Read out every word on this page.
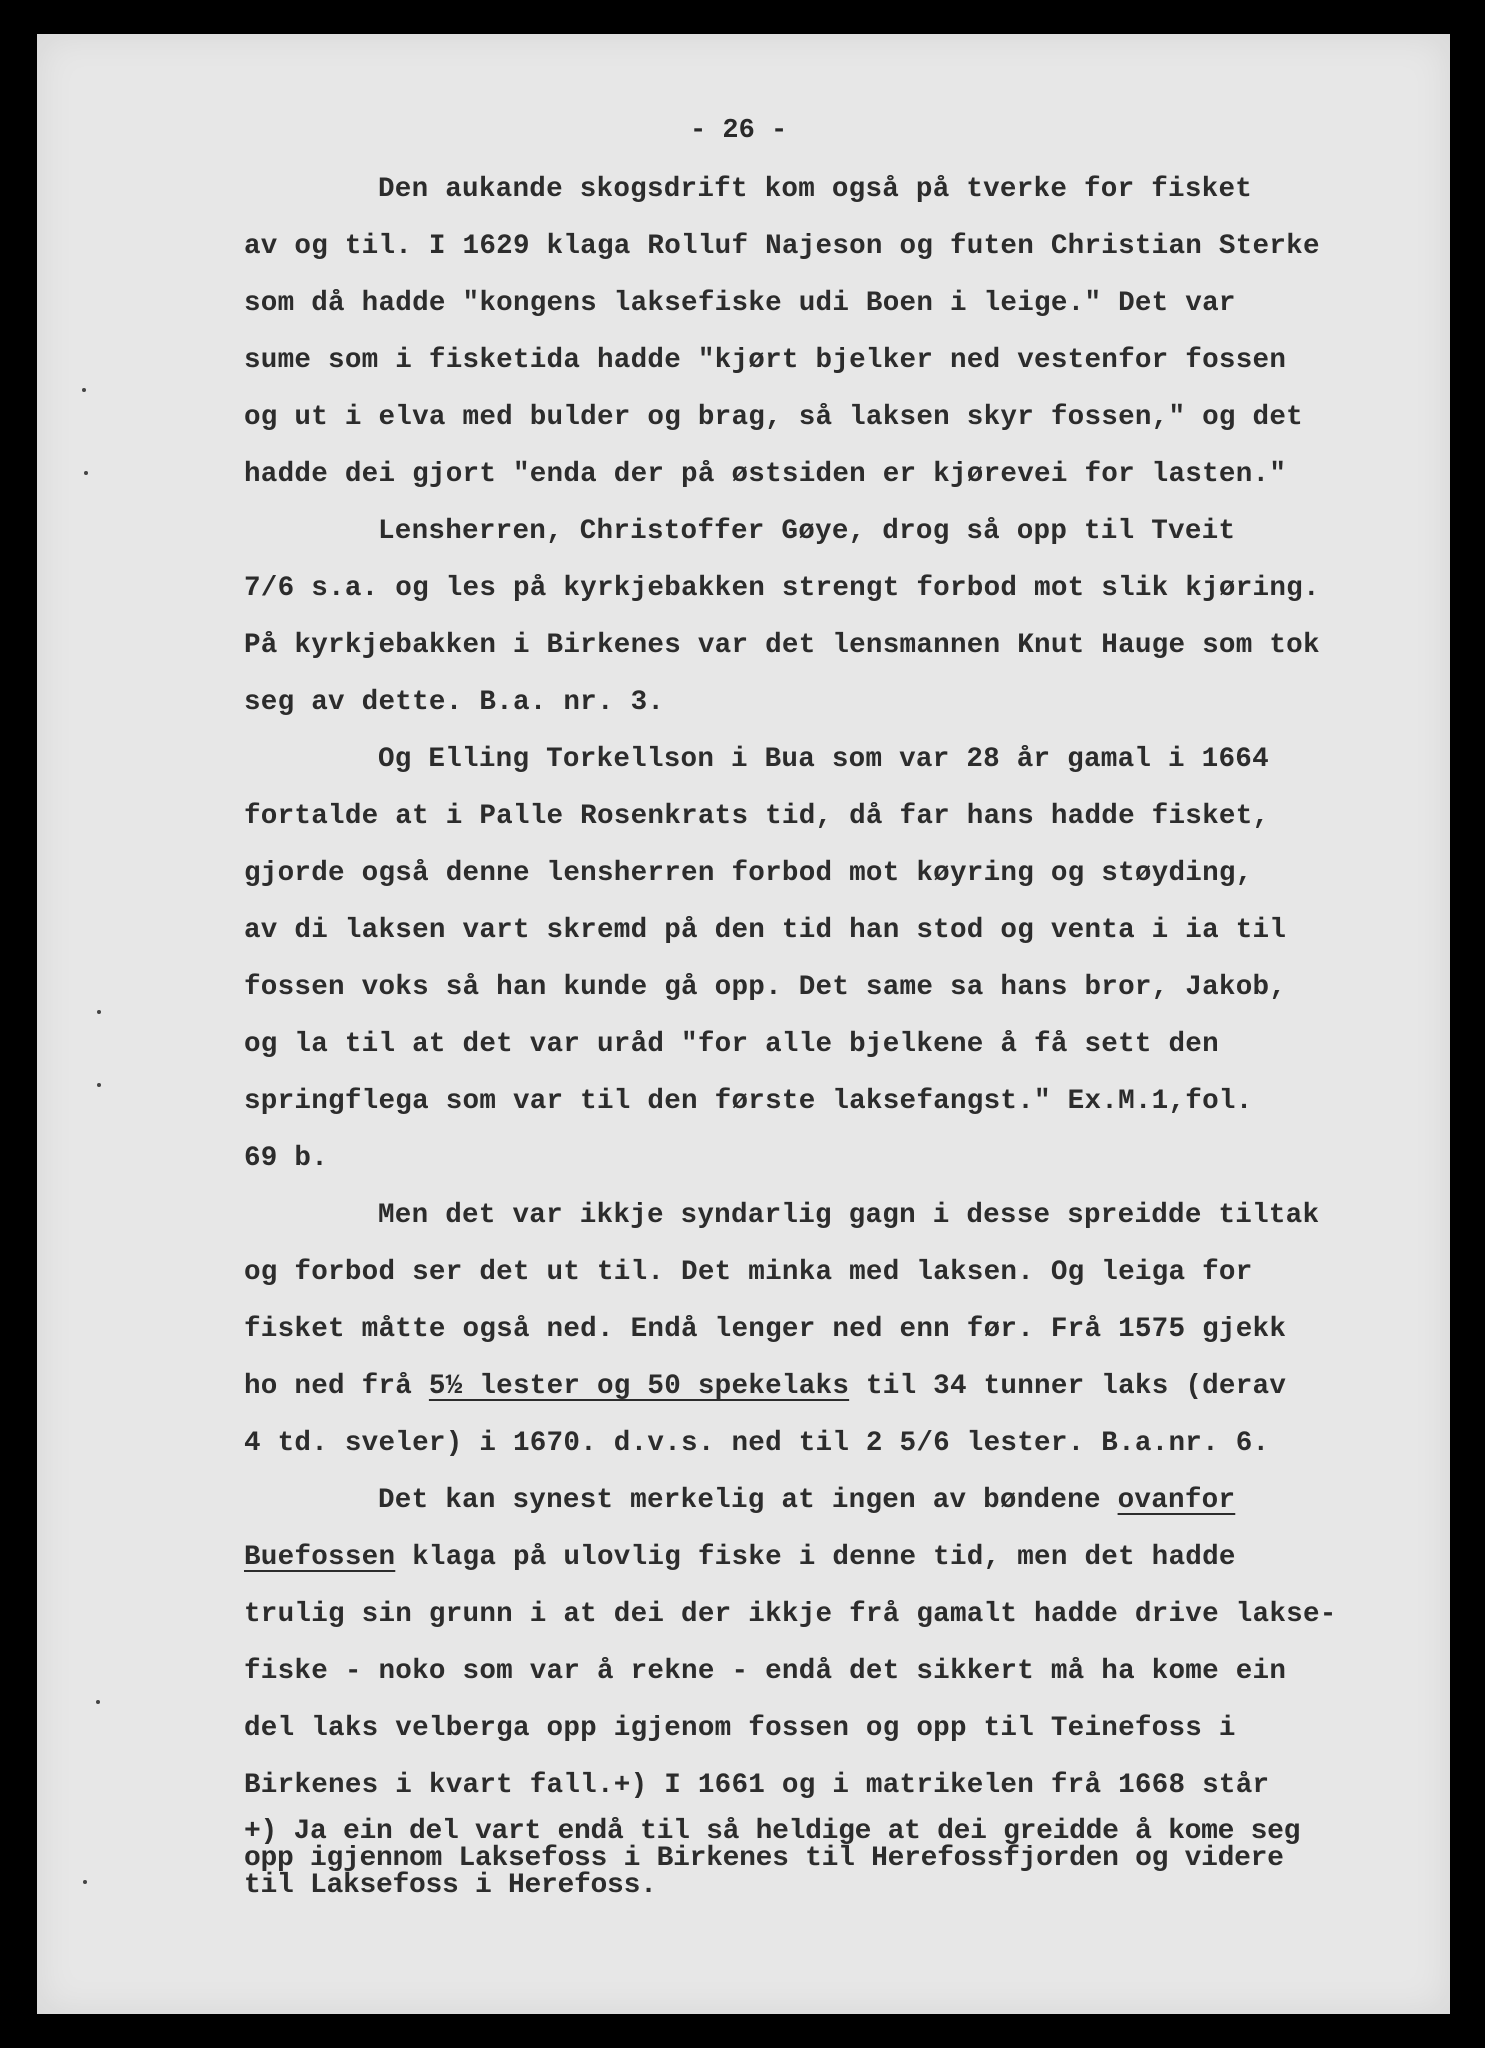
- 26 -
Den aukande skogsdrift kom også på tverke for fisket
av og til. I 1629 klaga Rolluf Najeson og futen Christian Sterke
som då hadde "kongens laksefiske udi Boen i leige." Det var
sume som i fisketida hadde "kjørt bjelker ned vestenfor fossen
og ut i elva med bulder og brag, så laksen skyr fossen," og det
hadde dei gjort "enda der på østsiden er kjørevei for lasten."
Lensherren, Christoffer Gøye, drog så opp til Tveit
7/6 s.a. og les på kyrkjebakken strengt forbod mot slik kjøring.
På kyrkjebakken i Birkenes var det lensmannen Knut Hauge som tok
seg av dette. B.a. nr. 3.
Og Elling Torkellson i Bua som var 28 år gamal i 1664
fortalde at i Palle Rosenkrats tid, då far hans hadde fisket,
gjorde også denne lensherren forbod mot køyring og støyding,
av di laksen vart skremd på den tid han stod og venta i ia til
fossen voks så han kunde gå opp. Det same sa hans bror, Jakob,
og la til at det var uråd "for alle bjelkene å få sett den
springflega som var til den første laksefangst." Ex.M.1,fol.
69 b.
Men det var ikkje syndarlig gagn i desse spreidde tiltak
og forbod ser det ut til. Det minka med laksen. Og leiga for
fisket måtte også ned. Endå lenger ned enn før. Frå 1575 gjekk
ho ned frå 5½ lester og 50 spekelaks til 34 tunner laks (derav
4 td. sveler) i 1670. d.v.s. ned til 2 5/6 lester. B.a.nr. 6.
Det kan synest merkelig at ingen av bøndene ovanfor
Buefossen klaga på ulovlig fiske i denne tid, men det hadde
trulig sin grunn i at dei der ikkje frå gamalt hadde drive lakse-
fiske - noko som var å rekne - endå det sikkert må ha kome ein
del laks velberga opp igjenom fossen og opp til Teinefoss i
Birkenes i kvart fall.+) I 1661 og i matrikelen frå 1668 står
+) Ja ein del vart endå til så heldige at dei greidde å kome seg
opp igjennom Laksefoss i Birkenes til Herefossfjorden og videre
til Laksefoss i Herefoss.
